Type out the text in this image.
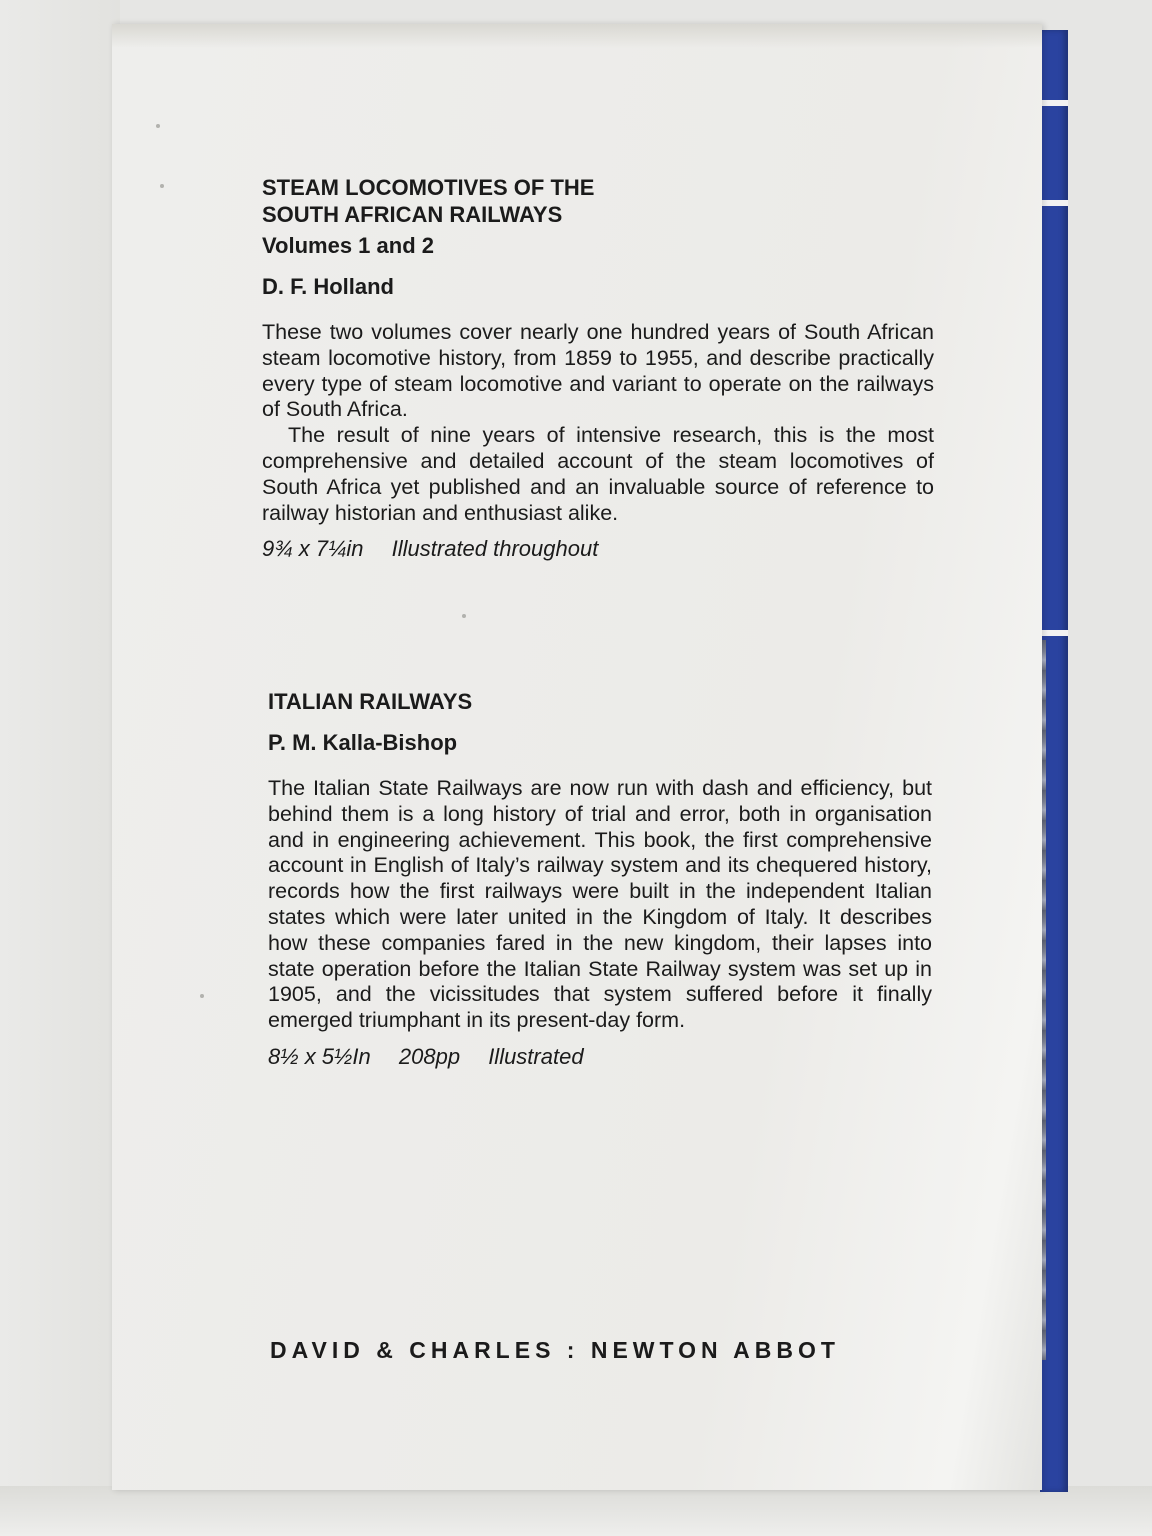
STEAM LOCOMOTIVES OF THE
SOUTH AFRICAN RAILWAYS

Volumes 1 and 2

D. F. Holland

These two volumes cover nearly one hundred years of South African steam locomotive history, from 1859 to 1955, and describe practically every type of steam locomotive and variant to operate on the railways of South Africa.

The result of nine years of intensive research, this is the most comprehensive and detailed account of the steam locomotives of South Africa yet published and an invaluable source of reference to railway historian and enthusiast alike.

9¾ x 7¼in Illustrated throughout

ITALIAN RAILWAYS

P. M. Kalla-Bishop

The Italian State Railways are now run with dash and efficiency, but behind them is a long history of trial and error, both in organisation and in engineering achievement. This book, the first comprehensive account in English of Italy’s railway system and its chequered history, records how the first railways were built in the independent Italian states which were later united in the Kingdom of Italy. It describes how these companies fared in the new kingdom, their lapses into state operation before the Italian State Railway system was set up in 1905, and the vicissitudes that system suffered before it finally emerged triumphant in its present-day form.

8½ x 5½In 208pp Illustrated

DAVID & CHARLES : NEWTON ABBOT
